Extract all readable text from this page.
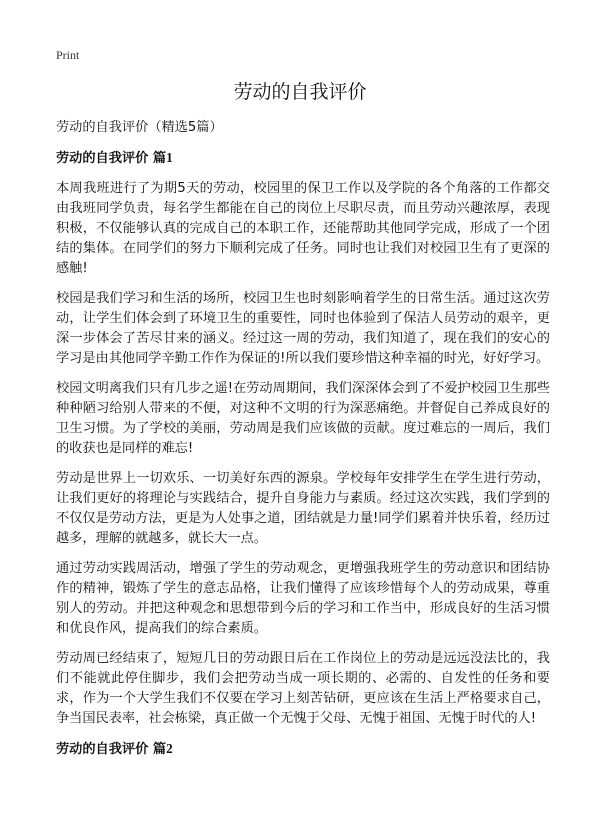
Print
劳动的自我评价

劳动的自我评价（精选5篇）

劳动的自我评价 篇1

本周我班进行了为期5天的劳动，校园里的保卫工作以及学院的各个角落的工作都交由我班同学负责，每名学生都能在自己的岗位上尽职尽责，而且劳动兴趣浓厚，表现积极，不仅能够认真的完成自己的本职工作，还能帮助其他同学完成，形成了一个团结的集体。在同学们的努力下顺利完成了任务。同时也让我们对校园卫生有了更深的感触!

校园是我们学习和生活的场所，校园卫生也时刻影响着学生的日常生活。通过这次劳动，让学生们体会到了环境卫生的重要性，同时也体验到了保洁人员劳动的艰辛，更深一步体会了苦尽甘来的涵义。经过这一周的劳动，我们知道了，现在我们的安心的学习是由其他同学辛勤工作作为保证的!所以我们要珍惜这种幸福的时光，好好学习。

校园文明离我们只有几步之遥!在劳动周期间，我们深深体会到了不爱护校园卫生那些种种陋习给别人带来的不便，对这种不文明的行为深恶痛绝。并督促自己养成良好的卫生习惯。为了学校的美丽，劳动周是我们应该做的贡献。度过难忘的一周后，我们的收获也是同样的难忘!

劳动是世界上一切欢乐、一切美好东西的源泉。学校每年安排学生在学生进行劳动，让我们更好的将理论与实践结合，提升自身能力与素质。经过这次实践，我们学到的不仅仅是劳动方法，更是为人处事之道，团结就是力量!同学们累着并快乐着，经历过越多，理解的就越多，就长大一点。

通过劳动实践周活动，增强了学生的劳动观念，更增强我班学生的劳动意识和团结协作的精神，锻炼了学生的意志品格，让我们懂得了应该珍惜每个人的劳动成果，尊重别人的劳动。并把这种观念和思想带到今后的学习和工作当中，形成良好的生活习惯和优良作风，提高我们的综合素质。

劳动周已经结束了，短短几日的劳动跟日后在工作岗位上的劳动是远远没法比的，我们不能就此停住脚步，我们会把劳动当成一项长期的、必需的、自发性的任务和要求，作为一个大学生我们不仅要在学习上刻苦钻研，更应该在生活上严格要求自己，争当国民表率，社会栋梁，真正做一个无愧于父母、无愧于祖国、无愧于时代的人!

劳动的自我评价 篇2
